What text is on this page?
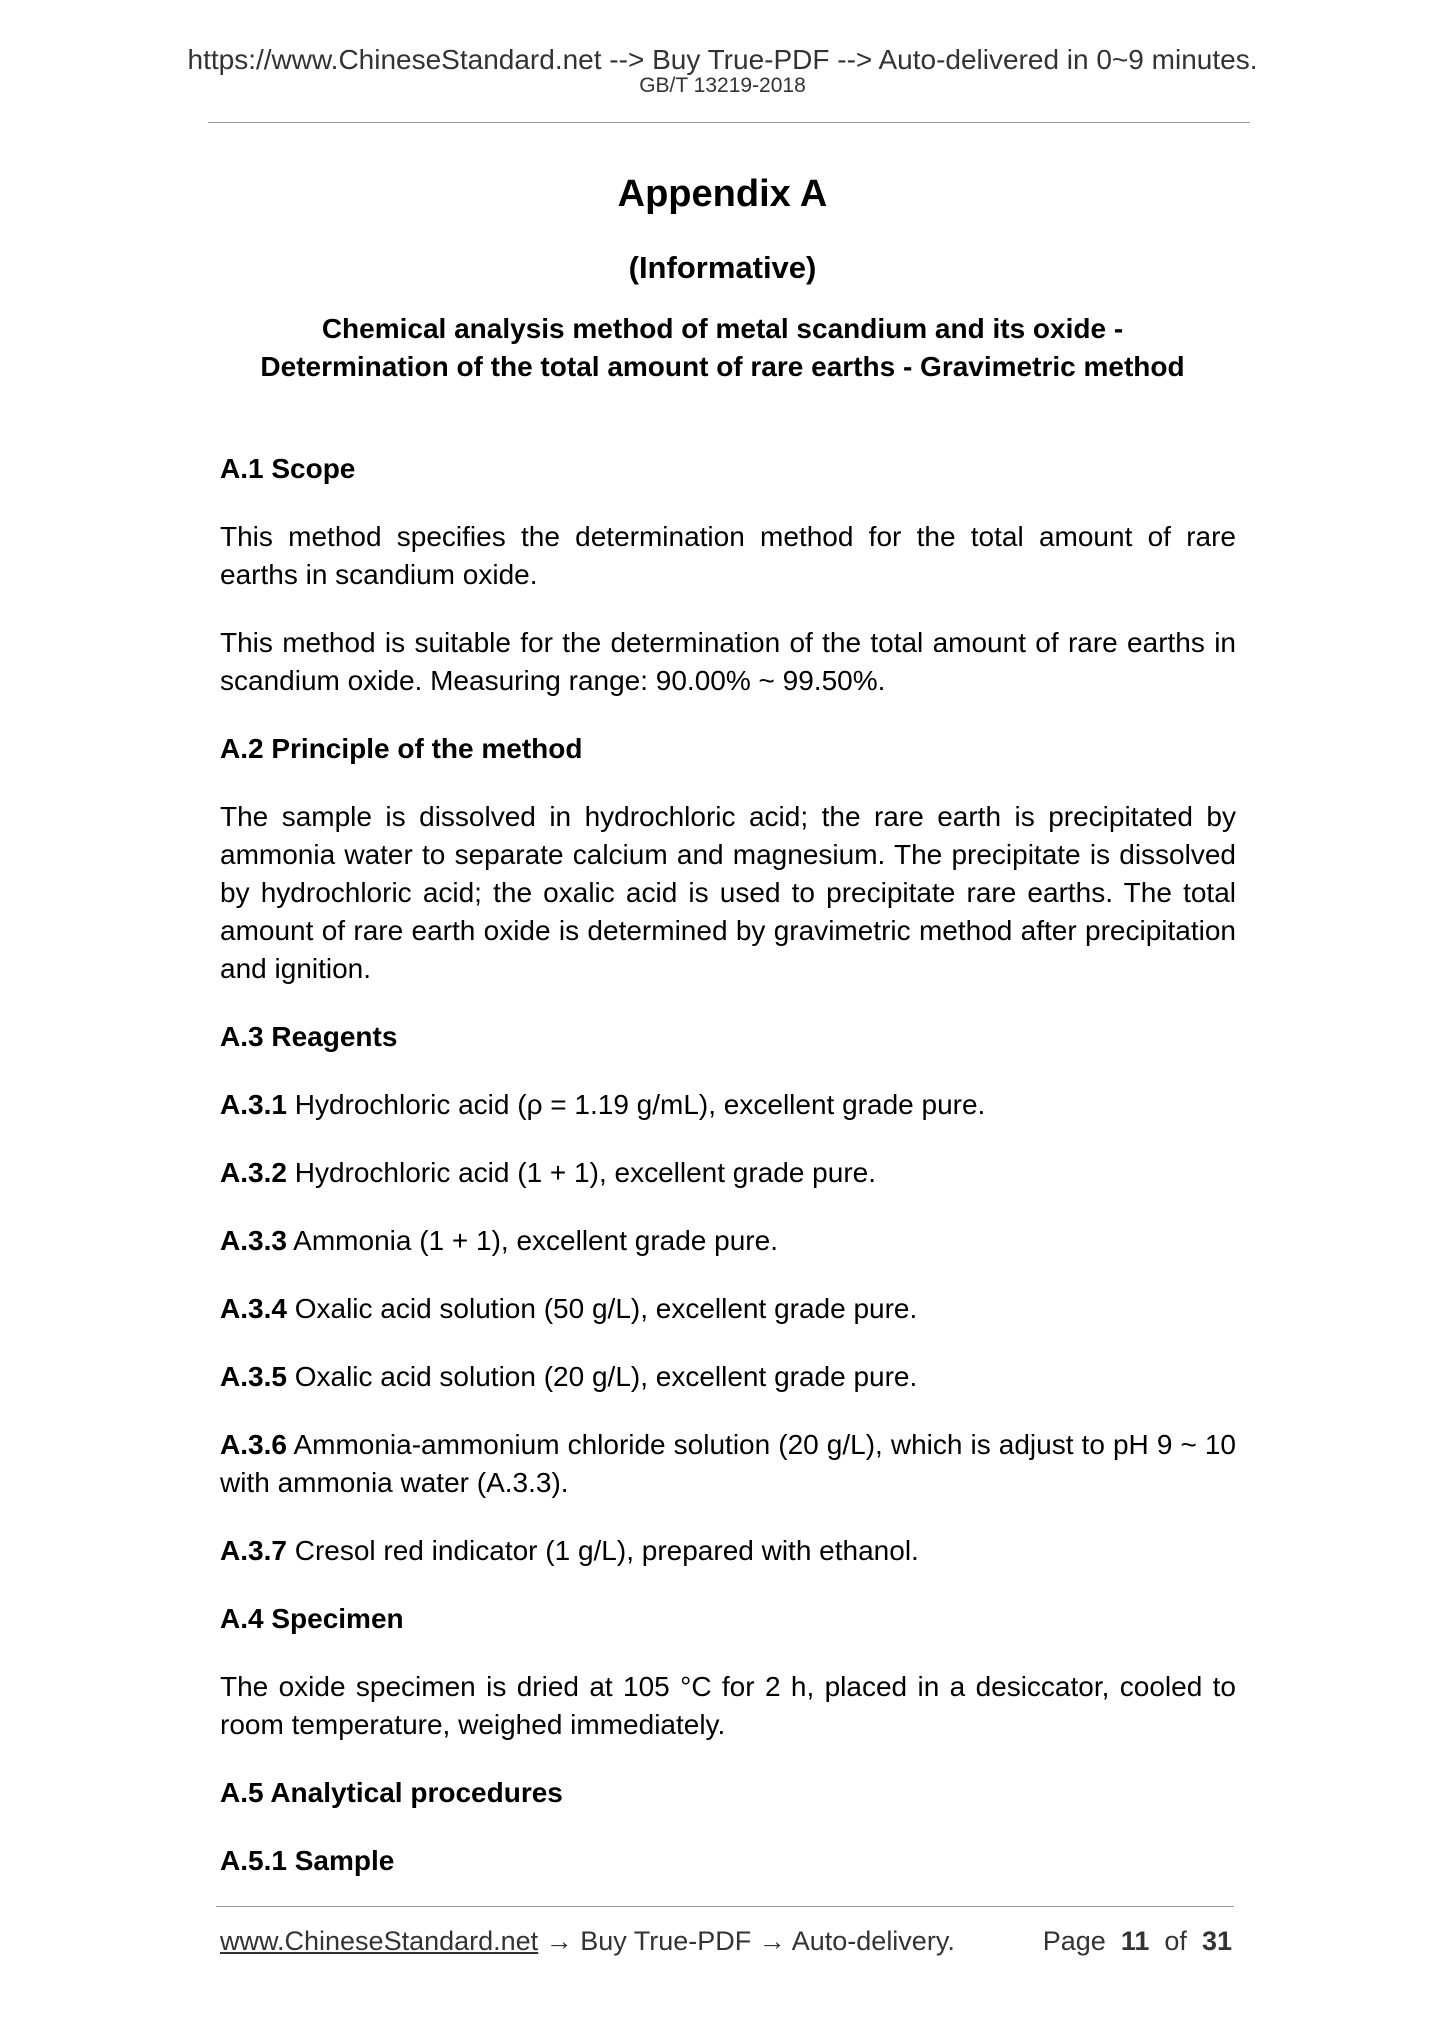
https://www.ChineseStandard.net --> Buy True-PDF --> Auto-delivered in 0~9 minutes.
GB/T 13219-2018
Appendix A
(Informative)
Chemical analysis method of metal scandium and its oxide -
Determination of the total amount of rare earths - Gravimetric method
A.1 Scope

This method specifies the determination method for the total amount of rare earths in scandium oxide.

This method is suitable for the determination of the total amount of rare earths in scandium oxide. Measuring range: 90.00% ~ 99.50%.

A.2 Principle of the method

The sample is dissolved in hydrochloric acid; the rare earth is precipitated by ammonia water to separate calcium and magnesium. The precipitate is dissolved by hydrochloric acid; the oxalic acid is used to precipitate rare earths. The total amount of rare earth oxide is determined by gravimetric method after precipitation and ignition.

A.3 Reagents

A.3.1 Hydrochloric acid (ρ = 1.19 g/mL), excellent grade pure.

A.3.2 Hydrochloric acid (1 + 1), excellent grade pure.

A.3.3 Ammonia (1 + 1), excellent grade pure.

A.3.4 Oxalic acid solution (50 g/L), excellent grade pure.

A.3.5 Oxalic acid solution (20 g/L), excellent grade pure.

A.3.6 Ammonia-ammonium chloride solution (20 g/L), which is adjust to pH 9 ~ 10 with ammonia water (A.3.3).

A.3.7 Cresol red indicator (1 g/L), prepared with ethanol.

A.4 Specimen

The oxide specimen is dried at 105 °C for 2 h, placed in a desiccator, cooled to room temperature, weighed immediately.

A.5 Analytical procedures
A.5.1 Sample
www.ChineseStandard.net → Buy True-PDF → Auto-delivery.	Page 11 of 31
